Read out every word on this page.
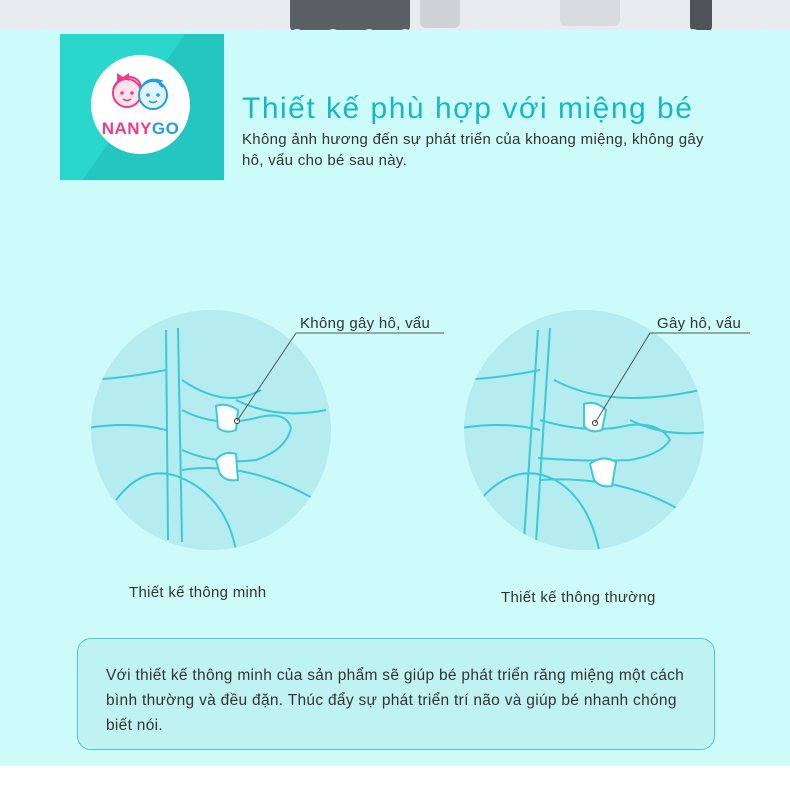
NANYGO
Thiết kế phù hợp với miệng bé
Không ảnh hương đến sự phát triển của khoang miệng, không gây hô, vẩu cho bé sau này.
Không gây hô, vẩu
Thiết kế thông minh
Gây hô, vẩu
Thiết kế thông thường
Với thiết kế thông minh của sản phẩm sẽ giúp bé phát triển răng miệng một cách bình thường và đều đặn. Thúc đẩy sự phát triển trí não và giúp bé nhanh chóng biết nói.
